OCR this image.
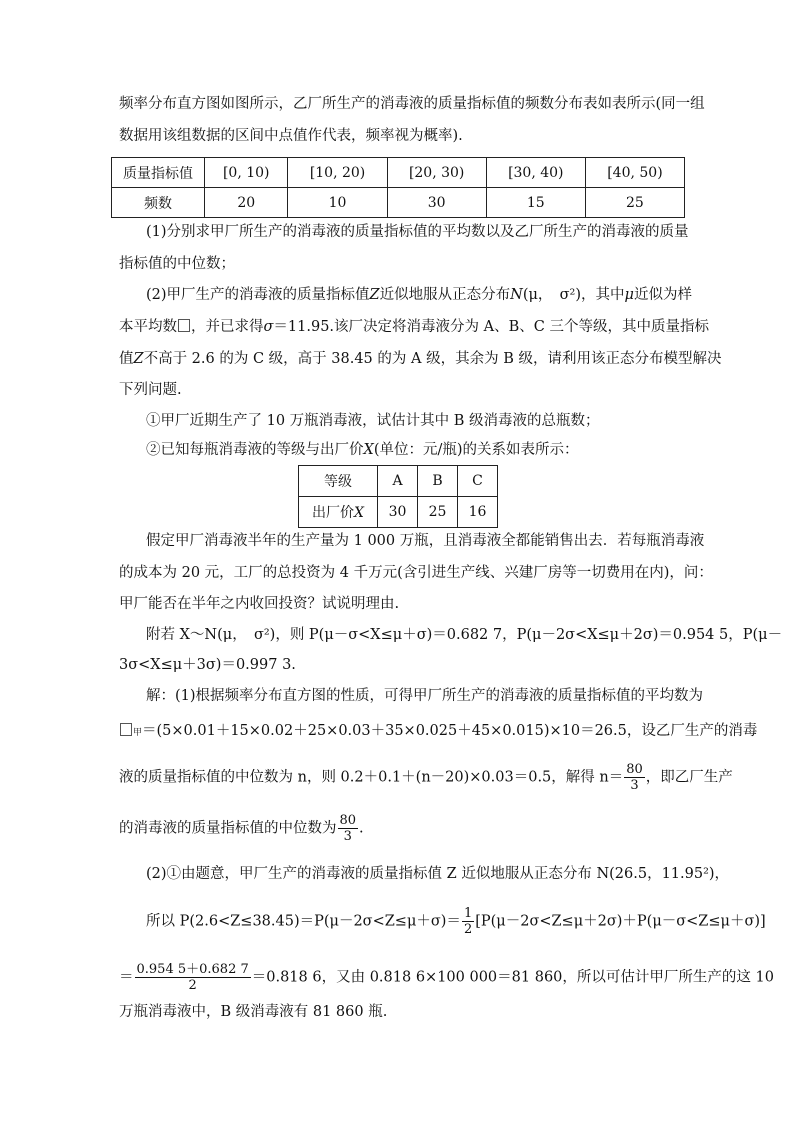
频率分布直方图如图所示，乙厂所生产的消毒液的质量指标值的频数分布表如表所示(同一组
数据用该组数据的区间中点值作代表，频率视为概率).
质量指标值	[0, 10)	[10, 20)	[20, 30)	[30, 40)	[40, 50)
频数	20	10	30	15	25
(1)分别求甲厂所生产的消毒液的质量指标值的平均数以及乙厂所生产的消毒液的质量
指标值的中位数；
(2)甲厂生产的消毒液的质量指标值Z近似地服从正态分布N(μ，　σ²)，其中μ近似为样
本平均数 ，并已求得σ＝11.95.该厂决定将消毒液分为 A、B、C 三个等级，其中质量指标
值Z不高于 2.6 的为 C 级，高于 38.45 的为 A 级，其余为 B 级，请利用该正态分布模型解决
下列问题.
①甲厂近期生产了 10 万瓶消毒液，试估计其中 B 级消毒液的总瓶数；
②已知每瓶消毒液的等级与出厂价X(单位：元/瓶)的关系如表所示：
等级	A	B	C
出厂价X	30	25	16
假定甲厂消毒液半年的生产量为 1 000 万瓶，且消毒液全都能销售出去．若每瓶消毒液
的成本为 20 元，工厂的总投资为 4 千万元(含引进生产线、兴建厂房等一切费用在内)，问：
甲厂能否在半年之内收回投资？试说明理由.
附若 X～N(μ，　σ²)，则 P(μ－σ<X≤μ＋σ)＝0.682 7，P(μ－2σ<X≤μ＋2σ)＝0.954 5，P(μ－
3σ<X≤μ＋3σ)＝0.997 3.
解：(1)根据频率分布直方图的性质，可得甲厂所生产的消毒液的质量指标值的平均数为
甲＝(5×0.01＋15×0.02＋25×0.03＋35×0.025＋45×0.015)×10＝26.5，设乙厂生产的消毒
液的质量指标值的中位数为 n，则 0.2＋0.1＋(n－20)×0.03＝0.5，解得 $n= \frac{80}{3}$ ，即乙厂生产
的消毒液的质量指标值的中位数为 $\frac{80}{3}$ .
(2)①由题意，甲厂生产的消毒液的质量指标值 Z 近似地服从正态分布 N(26.5，11.95²)，
所以 $P(2.6<Z\le 38.45)=P(\mu-2\sigma<Z\le\mu+\sigma)= \frac{1}{2} [P(\mu-2\sigma<Z\le\mu+2\sigma)+P(\mu-\sigma<Z\le\mu+\sigma)]$
＝ $\frac{0.954 5+0.682 7}{2} =0.818$ 6，又由 0.818 6×100 000＝81 860，所以可估计甲厂所生产的这 10
万瓶消毒液中，B 级消毒液有 81 860 瓶.
